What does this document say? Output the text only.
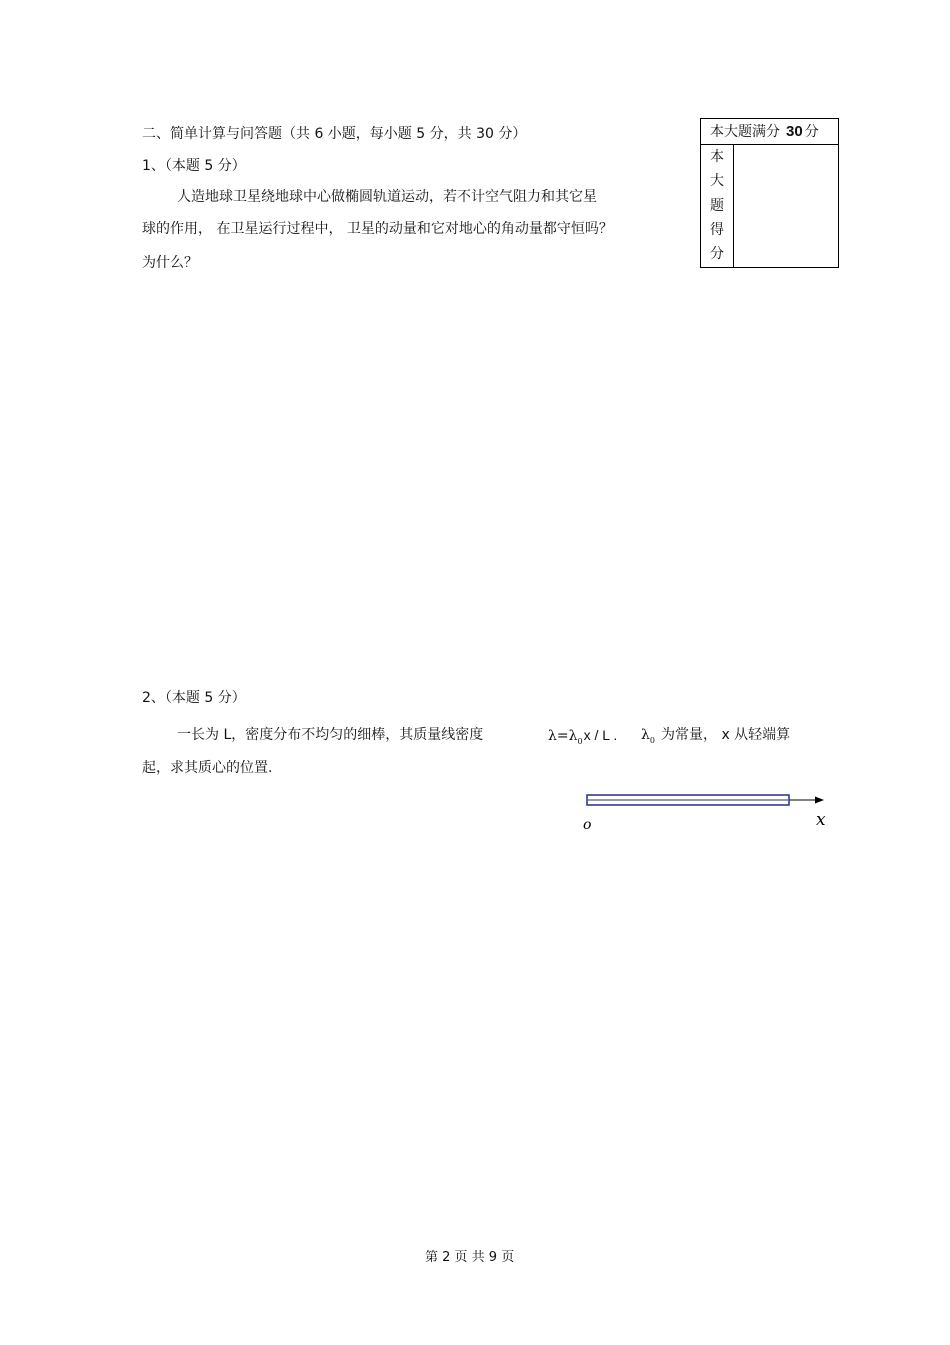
二、简单计算与问答题（共 6 小题，每小题 5 分，共 30 分）	本大题满分 30 分
本
大
题
得
分
1、（本题 5 分）
人造地球卫星绕地球中心做椭圆轨道运动，若不计空气阻力和其它星
球的作用， 在卫星运行过程中， 卫星的动量和它对地心的角动量都守恒吗？
为什么？
2、（本题 5 分）
一长为 L，密度分布不均匀的细棒，其质量线密度	$\lambda=\lambda_0x / L$ . $\lambda_0$ 为常量， x 从轻端算
起，求其质心的位置.
o	x
第 2 页 共 9 页
